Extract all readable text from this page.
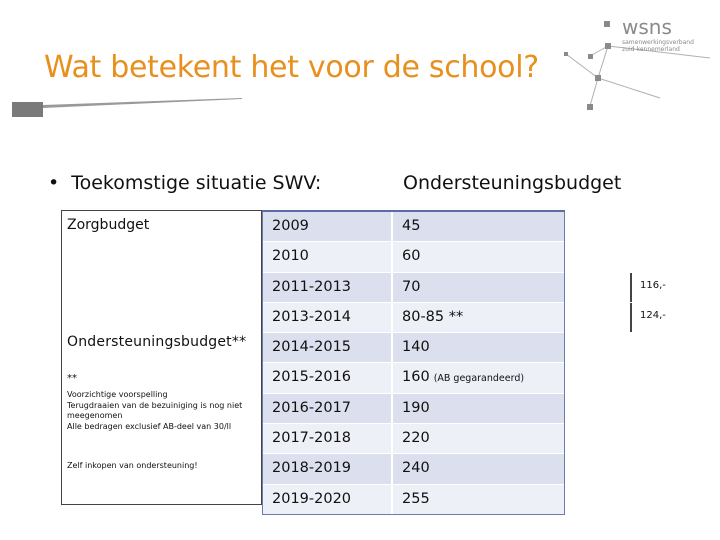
Wat betekent het voor de school?
wsns
samenwerkingsverband
zuid-kennemerland
• Toekomstige situatie SWV:	Ondersteuningsbudget
Zorgbudget
Ondersteuningsbudget**
**
Voorzichtige voorspelling
Terugdraaien van de bezuiniging is nog niet
meegenomen
Alle bedragen exclusief AB-deel van 30/ll
Zelf inkopen van ondersteuning!
2009	45
2010	60
2011-2013	70	116,-
2013-2014	80-85 **	124,-
2014-2015	140
2015-2016	160 (AB gegarandeerd)
2016-2017	190
2017-2018	220
2018-2019	240
2019-2020	255
